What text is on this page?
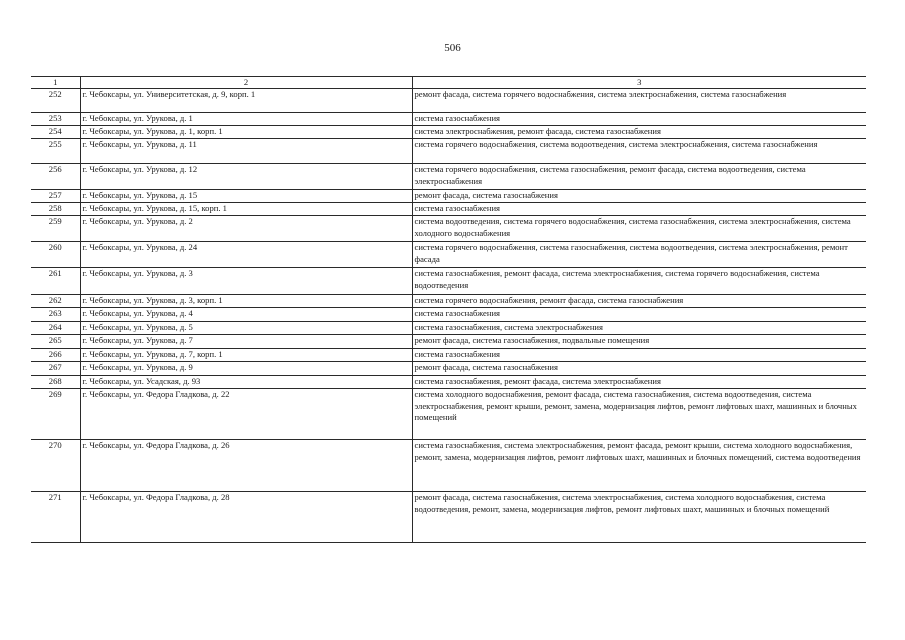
506
1	2	3
252	г. Чебоксары, ул. Университетская, д. 9, корп. 1	ремонт фасада, система горячего водоснабжения, система электроснабжения, система газоснабжения
253	г. Чебоксары, ул. Урукова, д. 1	система газоснабжения
254	г. Чебоксары, ул. Урукова, д. 1, корп. 1	система электроснабжения, ремонт фасада, система газоснабжения
255	г. Чебоксары, ул. Урукова, д. 11	система горячего водоснабжения, система водоотведения, система электроснабжения, система газоснабжения
256	г. Чебоксары, ул. Урукова, д. 12	система горячего водоснабжения, система газоснабжения, ремонт фасада, система водоотведения, система электроснабжения
257	г. Чебоксары, ул. Урукова, д. 15	ремонт фасада, система газоснабжения
258	г. Чебоксары, ул. Урукова, д. 15, корп. 1	система газоснабжения
259	г. Чебоксары, ул. Урукова, д. 2	система водоотведения, система горячего водоснабжения, система газоснабжения, система электроснабжения, система холодного водоснабжения
260	г. Чебоксары, ул. Урукова, д. 24	система горячего водоснабжения, система газоснабжения, система водоотведения, система электроснабжения, ремонт фасада
261	г. Чебоксары, ул. Урукова, д. 3	система газоснабжения, ремонт фасада, система электроснабжения, система горячего водоснабжения, система водоотведения
262	г. Чебоксары, ул. Урукова, д. 3, корп. 1	система горячего водоснабжения, ремонт фасада, система газоснабжения
263	г. Чебоксары, ул. Урукова, д. 4	система газоснабжения
264	г. Чебоксары, ул. Урукова, д. 5	система газоснабжения, система электроснабжения
265	г. Чебоксары, ул. Урукова, д. 7	ремонт фасада, система газоснабжения, подвальные помещения
266	г. Чебоксары, ул. Урукова, д. 7, корп. 1	система газоснабжения
267	г. Чебоксары, ул. Урукова, д. 9	ремонт фасада, система газоснабжения
268	г. Чебоксары, ул. Усадская, д. 93	система газоснабжения, ремонт фасада, система электроснабжения
269	г. Чебоксары, ул. Федора Гладкова, д. 22	система холодного водоснабжения, ремонт фасада, система газоснабжения, система водоотведения, система электроснабжения, ремонт крыши, ремонт, замена, модернизация лифтов, ремонт лифтовых шахт, машинных и блочных помещений
270	г. Чебоксары, ул. Федора Гладкова, д. 26	система газоснабжения, система электроснабжения, ремонт фасада, ремонт крыши, система холодного водоснабжения, ремонт, замена, модернизация лифтов, ремонт лифтовых шахт, машинных и блочных помещений, система водоотведения
271	г. Чебоксары, ул. Федора Гладкова, д. 28	ремонт фасада, система газоснабжения, система электроснабжения, система холодного водоснабжения, система водоотведения, ремонт, замена, модернизация лифтов, ремонт лифтовых шахт, машинных и блочных помещений
